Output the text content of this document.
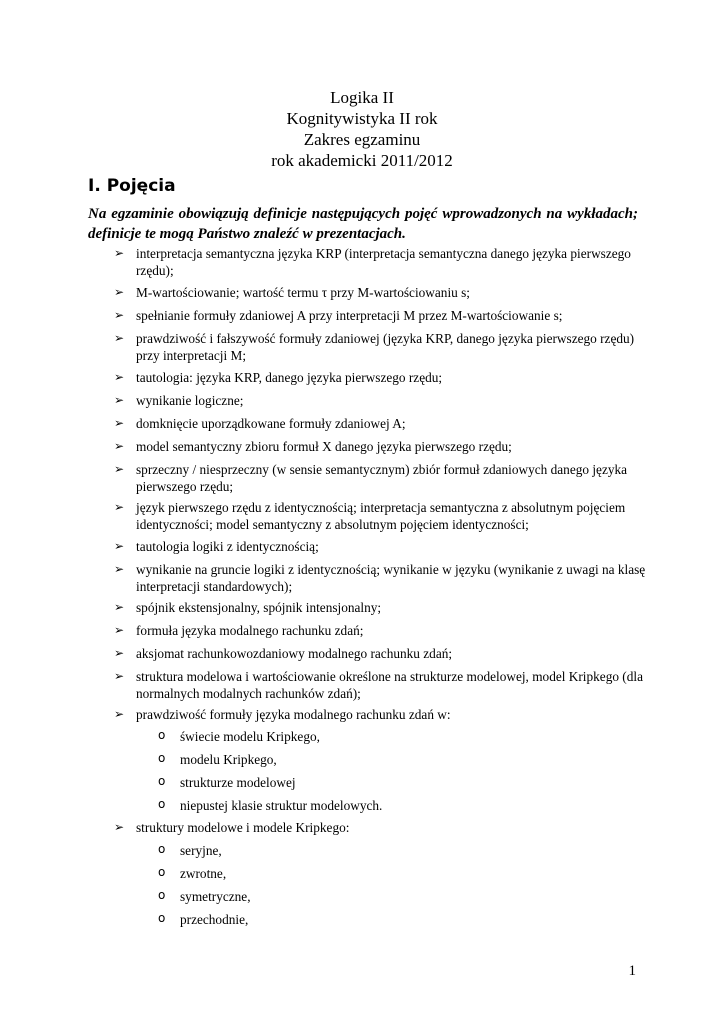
Logika II
Kognitywistyka II rok
Zakres egzaminu
rok akademicki 2011/2012
I. Pojęcia
Na egzaminie obowiązują definicje następujących pojęć wprowadzonych na wykładach; definicje te mogą Państwo znaleźć w prezentacjach.
➢ interpretacja semantyczna języka KRP (interpretacja semantyczna danego języka pierwszego rzędu);
➢ M-wartościowanie; wartość termu τ przy M-wartościowaniu s;
➢ spełnianie formuły zdaniowej A przy interpretacji M przez M-wartościowanie s;
➢ prawdziwość i fałszywość formuły zdaniowej (języka KRP, danego języka pierwszego rzędu) przy interpretacji M;
➢ tautologia: języka KRP, danego języka pierwszego rzędu;
➢ wynikanie logiczne;
➢ domknięcie uporządkowane formuły zdaniowej A;
➢ model semantyczny zbioru formuł X danego języka pierwszego rzędu;
➢ sprzeczny / niesprzeczny (w sensie semantycznym) zbiór formuł zdaniowych danego języka pierwszego rzędu;
➢ język pierwszego rzędu z identycznością; interpretacja semantyczna z absolutnym pojęciem identyczności; model semantyczny z absolutnym pojęciem identyczności;
➢ tautologia logiki z identycznością;
➢ wynikanie na gruncie logiki z identycznością; wynikanie w języku (wynikanie z uwagi na klasę interpretacji standardowych);
➢ spójnik ekstensjonalny, spójnik intensjonalny;
➢ formuła języka modalnego rachunku zdań;
➢ aksjomat rachunkowozdaniowy modalnego rachunku zdań;
➢ struktura modelowa i wartościowanie określone na strukturze modelowej, model Kripkego (dla normalnych modalnych rachunków zdań);
➢ prawdziwość formuły języka modalnego rachunku zdań w:
o świecie modelu Kripkego,
o modelu Kripkego,
o strukturze modelowej
o niepustej klasie struktur modelowych.
➢ struktury modelowe i modele Kripkego:
o seryjne,
o zwrotne,
o symetryczne,
o przechodnie,
1
